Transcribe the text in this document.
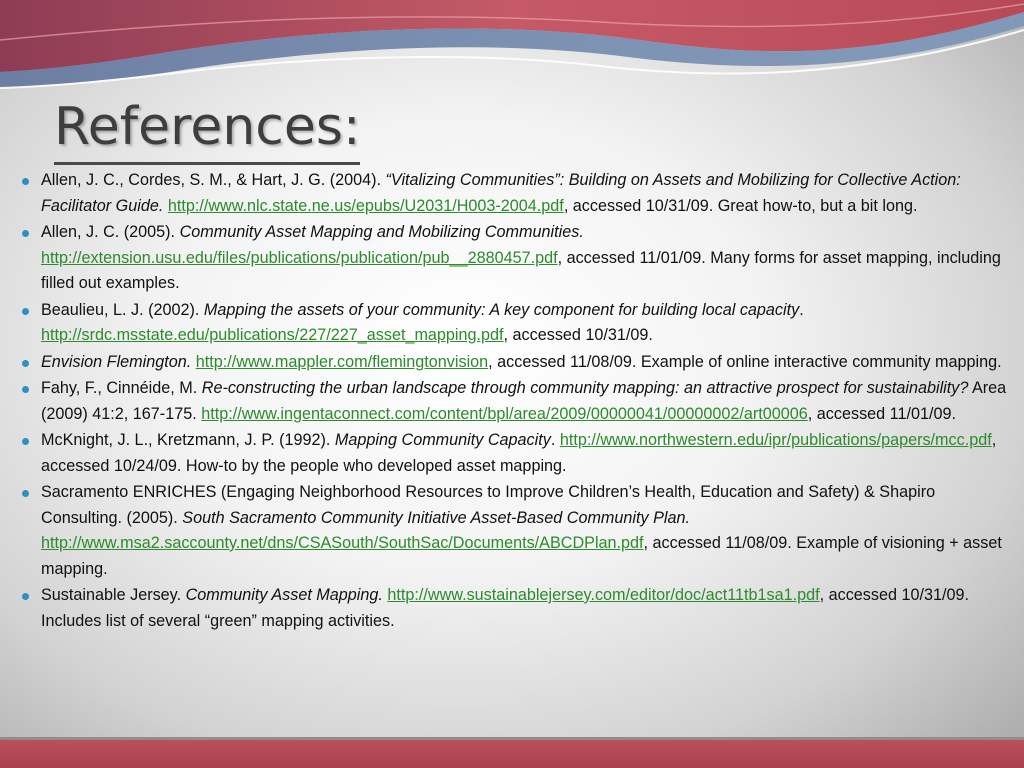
References:
Allen, J. C., Cordes, S. M., & Hart, J. G. (2004). “Vitalizing Communities”: Building on Assets and Mobilizing for Collective Action: Facilitator Guide. http://www.nlc.state.ne.us/epubs/U2031/H003-2004.pdf, accessed 10/31/09. Great how-to, but a bit long.
Allen, J. C. (2005). Community Asset Mapping and Mobilizing Communities. http://extension.usu.edu/files/publications/publication/pub__2880457.pdf, accessed 11/01/09. Many forms for asset mapping, including filled out examples.
Beaulieu, L. J. (2002). Mapping the assets of your community: A key component for building local capacity. http://srdc.msstate.edu/publications/227/227_asset_mapping.pdf, accessed 10/31/09.
Envision Flemington. http://www.mappler.com/flemingtonvision, accessed 11/08/09. Example of online interactive community mapping.
Fahy, F., Cinnéide, M. Re-constructing the urban landscape through community mapping: an attractive prospect for sustainability? Area (2009) 41:2, 167-175. http://www.ingentaconnect.com/content/bpl/area/2009/00000041/00000002/art00006, accessed 11/01/09.
McKnight, J. L., Kretzmann, J. P. (1992). Mapping Community Capacity. http://www.northwestern.edu/ipr/publications/papers/mcc.pdf, accessed 10/24/09. How-to by the people who developed asset mapping.
Sacramento ENRICHES (Engaging Neighborhood Resources to Improve Children’s Health, Education and Safety) & Shapiro Consulting. (2005). South Sacramento Community Initiative Asset-Based Community Plan. http://www.msa2.saccounty.net/dns/CSASouth/SouthSac/Documents/ABCDPlan.pdf, accessed 11/08/09. Example of visioning + asset mapping.
Sustainable Jersey. Community Asset Mapping. http://www.sustainablejersey.com/editor/doc/act11tb1sa1.pdf, accessed 10/31/09. Includes list of several “green” mapping activities.
